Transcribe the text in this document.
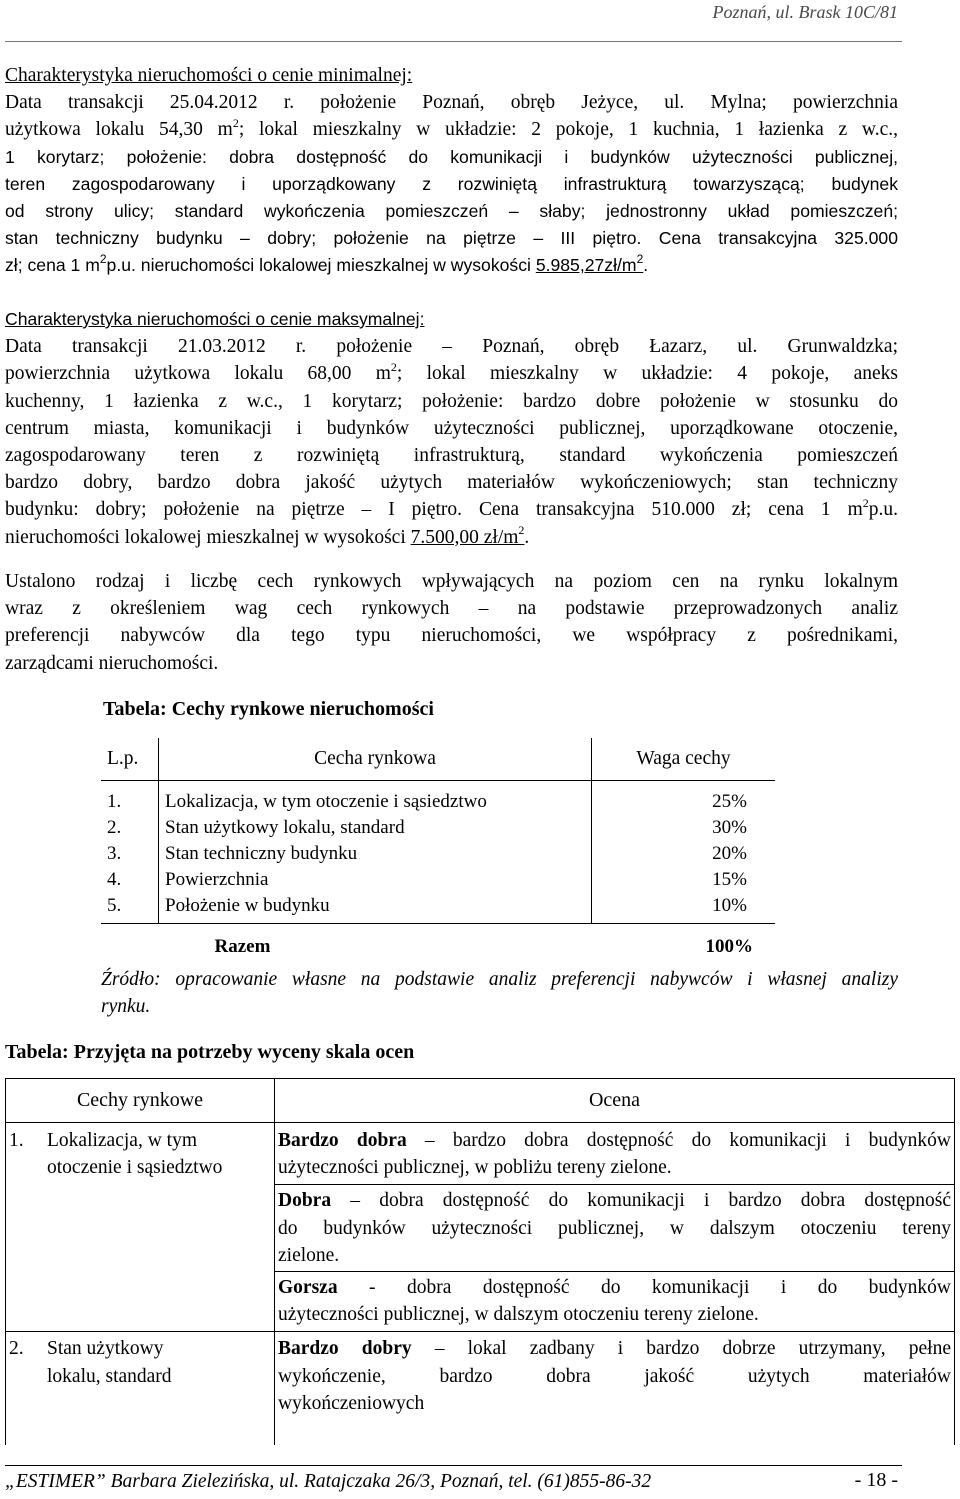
Poznań, ul. Brask 10C/81
Charakterystyka nieruchomości o cenie minimalnej:
Data transakcji 25.04.2012 r. położenie Poznań, obręb Jeżyce, ul. Mylna; powierzchnia
użytkowa lokalu 54,30 $m^2$; lokal mieszkalny w układzie: 2 pokoje, 1 kuchnia, 1 łazienka z w.c.,
1 korytarz; położenie: dobra dostępność do komunikacji i budynków użyteczności publicznej,
teren zagospodarowany i uporządkowany z rozwiniętą infrastrukturą towarzyszącą; budynek
od strony ulicy; standard wykończenia pomieszczeń – słaby; jednostronny układ pomieszczeń;
stan techniczny budynku – dobry; położenie na piętrze – III piętro. Cena transakcyjna 325.000
zł; cena 1 $m^2p.u$. nieruchomości lokalowej mieszkalnej w wysokości $5.985,27zł/m^2$.
Charakterystyka nieruchomości o cenie maksymalnej:
Data transakcji 21.03.2012 r. położenie – Poznań, obręb Łazarz, ul. Grunwaldzka;
powierzchnia użytkowa lokalu 68,00 $m^2$; lokal mieszkalny w układzie: 4 pokoje, aneks
kuchenny, 1 łazienka z w.c., 1 korytarz; położenie: bardzo dobre położenie w stosunku do
centrum miasta, komunikacji i budynków użyteczności publicznej, uporządkowane otoczenie,
zagospodarowany teren z rozwiniętą infrastrukturą, standard wykończenia pomieszczeń
bardzo dobry, bardzo dobra jakość użytych materiałów wykończeniowych; stan techniczny
budynku: dobry; położenie na piętrze – I piętro. Cena transakcyjna 510.000 zł; cena 1 $m^2p.u$.
nieruchomości lokalowej mieszkalnej w wysokości 7.500,00 $zł/m^2$.
Ustalono rodzaj i liczbę cech rynkowych wpływających na poziom cen na rynku lokalnym
wraz z określeniem wag cech rynkowych – na podstawie przeprowadzonych analiz
preferencji nabywców dla tego typu nieruchomości, we współpracy z pośrednikami,
zarządcami nieruchomości.
Tabela: Cechy rynkowe nieruchomości
L.p.	Cecha rynkowa	Waga cechy

1.	Lokalizacja, w tym otoczenie i sąsiedztwo	25%
2.	Stan użytkowy lokalu, standard	30%
3.	Stan techniczny budynku	20%
4.	Powierzchnia	15%
5.	Położenie w budynku	10%

	Razem	100%
Źródło: opracowanie własne na podstawie analiz preferencji nabywców i własnej analizy
rynku.
Tabela: Przyjęta na potrzeby wyceny skala ocen
Cechy rynkowe	Ocena

1. Lokalizacja, w tym
otoczenie i sąsiedztwo	Bardzo dobra – bardzo dobra dostępność do komunikacji i budynków
użyteczności publicznej, w pobliżu tereny zielone.

	Dobra – dobra dostępność do komunikacji i bardzo dobra dostępność
do budynków użyteczności publicznej, w dalszym otoczeniu tereny
zielone.

	Gorsza - dobra dostępność do komunikacji i do budynków
użyteczności publicznej, w dalszym otoczeniu tereny zielone.

2. Stan użytkowy
lokalu, standard	Bardzo dobry – lokal zadbany i bardzo dobrze utrzymany, pełne
wykończenie, bardzo dobra jakość użytych materiałów
wykończeniowych
„ESTIMER” Barbara Zielezińska, ul. Ratajczaka 26/3, Poznań, tel. (61)855-86-32	- 18 -
